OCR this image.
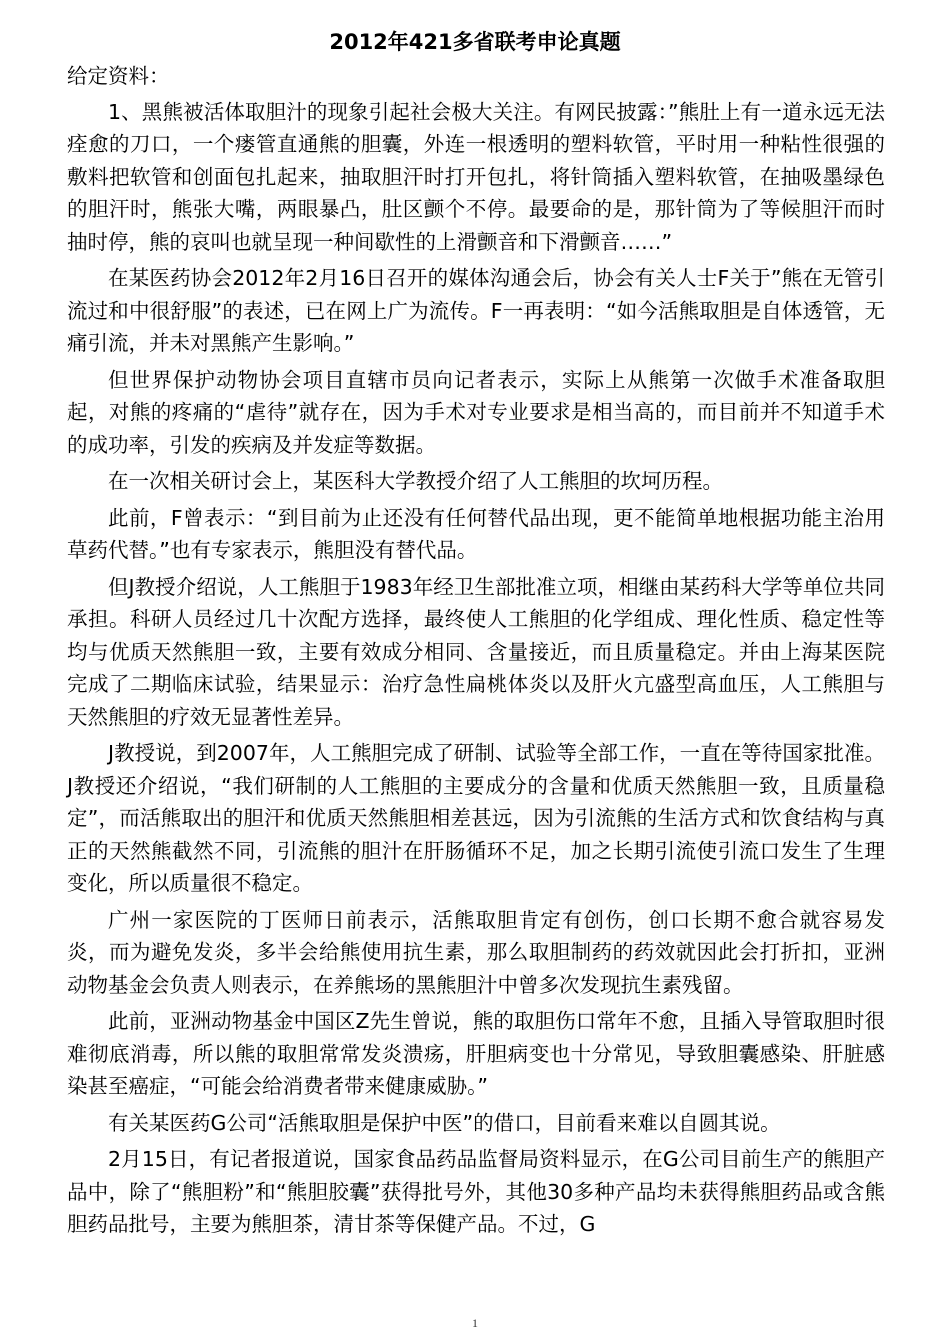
2012年421多省联考申论真题
给定资料：

1、黑熊被活体取胆汁的现象引起社会极大关注。有网民披露：”熊肚上有一道永远无法痊愈的刀口，一个瘘管直通熊的胆囊，外连一根透明的塑料软管，平时用一种粘性很强的敷料把软管和创面包扎起来，抽取胆汗时打开包扎，将针筒插入塑料软管，在抽吸墨绿色的胆汗时，熊张大嘴，两眼暴凸，肚区颤个不停。最要命的是，那针筒为了等候胆汗而时抽时停，熊的哀叫也就呈现一种间歇性的上滑颤音和下滑颤音……”

在某医药协会2012年2月16日召开的媒体沟通会后，协会有关人士F关于”熊在无管引流过和中很舒服”的表述，已在网上广为流传。F一再表明：“如今活熊取胆是自体透管，无痛引流，并未对黑熊产生影响。”

但世界保护动物协会项目直辖市员向记者表示，实际上从熊第一次做手术准备取胆起，对熊的疼痛的“虐待”就存在，因为手术对专业要求是相当高的，而目前并不知道手术的成功率，引发的疾病及并发症等数据。

在一次相关研讨会上，某医科大学教授介绍了人工熊胆的坎坷历程。

此前，F曾表示：“到目前为止还没有任何替代品出现，更不能简单地根据功能主治用草药代替。”也有专家表示，熊胆没有替代品。

但J教授介绍说，人工熊胆于1983年经卫生部批准立项，相继由某药科大学等单位共同承担。科研人员经过几十次配方选择，最终使人工熊胆的化学组成、理化性质、稳定性等均与优质天然熊胆一致，主要有效成分相同、含量接近，而且质量稳定。并由上海某医院完成了二期临床试验，结果显示：治疗急性扁桃体炎以及肝火亢盛型高血压，人工熊胆与天然熊胆的疗效无显著性差异。

J教授说，到2007年，人工熊胆完成了研制、试验等全部工作，一直在等待国家批准。J教授还介绍说，“我们研制的人工熊胆的主要成分的含量和优质天然熊胆一致，且质量稳定”，而活熊取出的胆汗和优质天然熊胆相差甚远，因为引流熊的生活方式和饮食结构与真正的天然熊截然不同，引流熊的胆汁在肝肠循环不足，加之长期引流使引流口发生了生理变化，所以质量很不稳定。

广州一家医院的丁医师日前表示，活熊取胆肯定有创伤，创口长期不愈合就容易发炎，而为避免发炎，多半会给熊使用抗生素，那么取胆制药的药效就因此会打折扣，亚洲动物基金会负责人则表示，在养熊场的黑熊胆汁中曾多次发现抗生素残留。

此前，亚洲动物基金中国区Z先生曾说，熊的取胆伤口常年不愈，且插入导管取胆时很难彻底消毒，所以熊的取胆常常发炎溃疡，肝胆病变也十分常见，导致胆囊感染、肝脏感染甚至癌症，“可能会给消费者带来健康威胁。”

有关某医药G公司“活熊取胆是保护中医”的借口，目前看来难以自圆其说。

2月15日，有记者报道说，国家食品药品监督局资料显示，在G公司目前生产的熊胆产品中，除了“熊胆粉”和“熊胆胶囊”获得批号外，其他30多种产品均未获得熊胆药品或含熊胆药品批号，主要为熊胆茶，清甘茶等保健产品。不过，G

1
